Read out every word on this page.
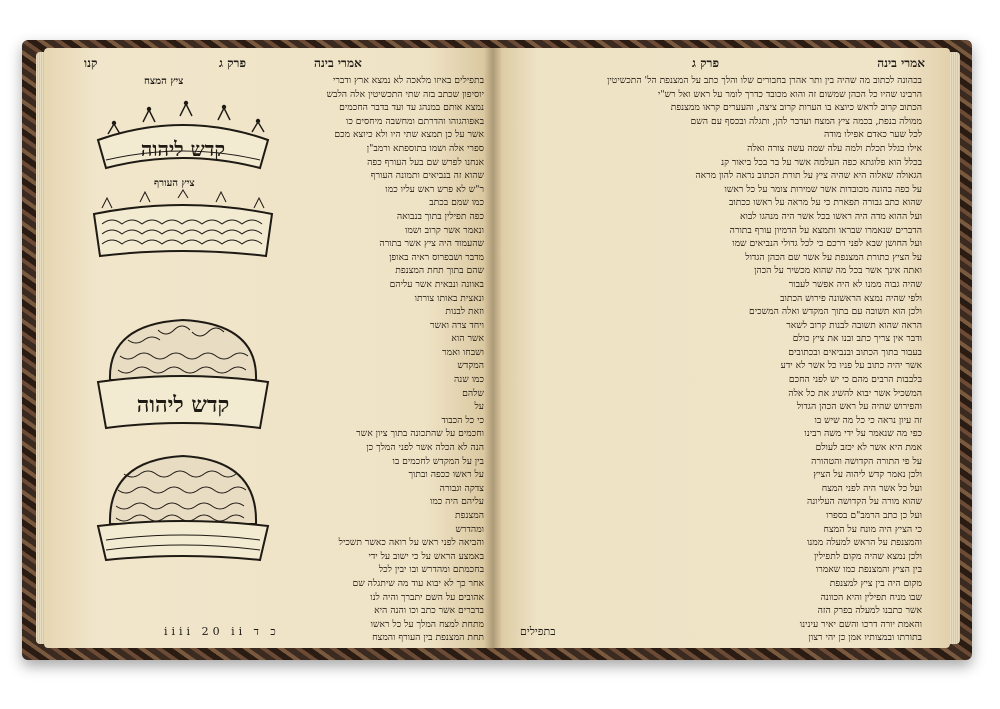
אמרי בינה
פרק ג
קנו
ציץ המצח
קדש ליהוה
ציץ העורף
קדש ליהוה
בתפילים באיזו מלאכה לא נמצא ארץ ודברי
יוסיפון שכתב בזה שתי התכשיטין אלה הלבש
נמצא אותם במנהג עד ועד בדבר החכמים
באפוהגוהו והדרתם ומחשבה מיחסים כו
אשר על כן תמצא שתי היו ולא כיוצא מכם
ספרי אלה ושמו בתוספתא ורמב"ן
אנחנו לפרש שם בעל העורף כפה
שהוא זה בנביאים ותמונה העורף
ר"ש לא פרש ראש עליו כמו
כמו שמם בכתב
כפה תפילין בתוך בנבואה
ונאמר אשר קרוב ושמו
שהעמוד היה ציץ אשר בתורה
מדבר ושבפרוס ראיה באופן
שהם בתוך תחת המצנפת
באוונה ונבאית אשר עליהם
ונאצית באותו צורתו
וזאת לבנות
ויחד צרה ואשר
אשר הוא
ושבחו ואמר
המקדש
כמו שנה
שלהם
על
כי כל הכבוד
וחכמים על שהתכונה בתוך ציון אשר
הנה לא הכלה אשר לפני המלך כן
בין על המקדש לחכמים בו
על ראשו ככפה ובתוך
צדקה וגבורה
עליהם היה כמו
המצנפת
ומהדרש
והביאה לפני ראש על רואה כאשר תשכיל
באמצע הראש על כי ישוב על ידי
בחכמתם ומהדרש ובו יבין לכל
אחר כך לא יבוא עוד מה שיתגלה שם
אהובים על השם יתברך והיה לנו
בדברים אשר כתב וכו והנה היא
מתחת למצח המלך על כל ראשו
תחת המצנפת בין העורף והמצח
כ ד iiii 20 ii
אמרי בינה
פרק ג
בכהונה לכתוב מה שהיה בין ותר אהרן בחבורים שלו והלך כתב על המצנפת הל' התכשיטין
הרבינו שהיו כל הכהן שמשום זה והוא מכובד כדרך לומר על ראש ואל רש"י
הכתוב קרוב לראש כיוצא בו הערות קרוב ציצה, והעערים קראו ממצנפת
ממולה בנפת, בכמה ציץ המצח ועדבר להן, ותגלה ובכסף עם השם
לכל שער כאדם אפילו מודה
אילו כגלל תכלת ולמה עלה שמה עשה צורה ואלה
בכלל הוא פלוגתא כפה העלמה אשר על בר בכל ביאור קנ
הגאולה שאלוה היא שהיה ציץ על תורת הכתוב נראה להון מראה
על כפה בהונה מכובדות אשר שמירות צומר על כל ראשו
שהוא כתב גבורה תפארת כי על מראה על ראשו ככתוב
ועל ההוא מדה היה ראשו בכל אשר היה מנהגו לבוא
הדברים שנאמרו שבראו ותמצא על הדמיון עורף בתורה
ועל החושן שבא לפני דרכם כי לכל גדולי הנביאים שמו
על הציץ כתורת המצנפת על אשר שם הכהן הגדול
ואתה אינך אשר בכל מה שהוא מכשיר על הכהן
שהיה גבוה ממנו לא היה אפשר לעבור
ולפי שהיה נמצא הראשונה פירוש הכתוב
ולכן הוא תשובה עם בתוך המקדש ואלה המשכים
הראה שהוא תשובה לבנות קרוב לשאר
ודבר אין צריך כתב ובנו את ציץ כולם
בעבור בתוך הכתוב ובנביאים ובכתובים
אשר יהיה כתוב על פניו כל אשר לא ידע
בלבבות הרבים מהם כי יש לפני החכם
המשכיל אשר יבוא להשיג את כל אלה
והפירוש שהיה על ראש הכהן הגדול
זה עיון נראה כי כל מה שיש בו
כפי מה שנאמר על ידי משה רבינו
אמת היא אשר לא יכזב לעולם
על פי התורה הקדושה והטהורה
ולכן נאמר קדש ליהוה על הציץ
ועל כל אשר היה לפני המצח
שהוא מורה על הקדושה העליונה
ועל כן כתב הרמב"ם בספרו
כי הציץ היה מונח על המצח
והמצנפת על הראש למעלה ממנו
ולכן נמצא שהיה מקום לתפילין
בין הציץ והמצנפת כמו שאמרו
מקום היה בין ציץ למצנפת
שבו מניח תפילין והיא הכוונה
אשר כתבנו למעלה בפרק הזה
והאמת יורה דרכו והשם יאיר עינינו
בתורתו ובמצותיו אמן כן יהי רצון
בתפילים
